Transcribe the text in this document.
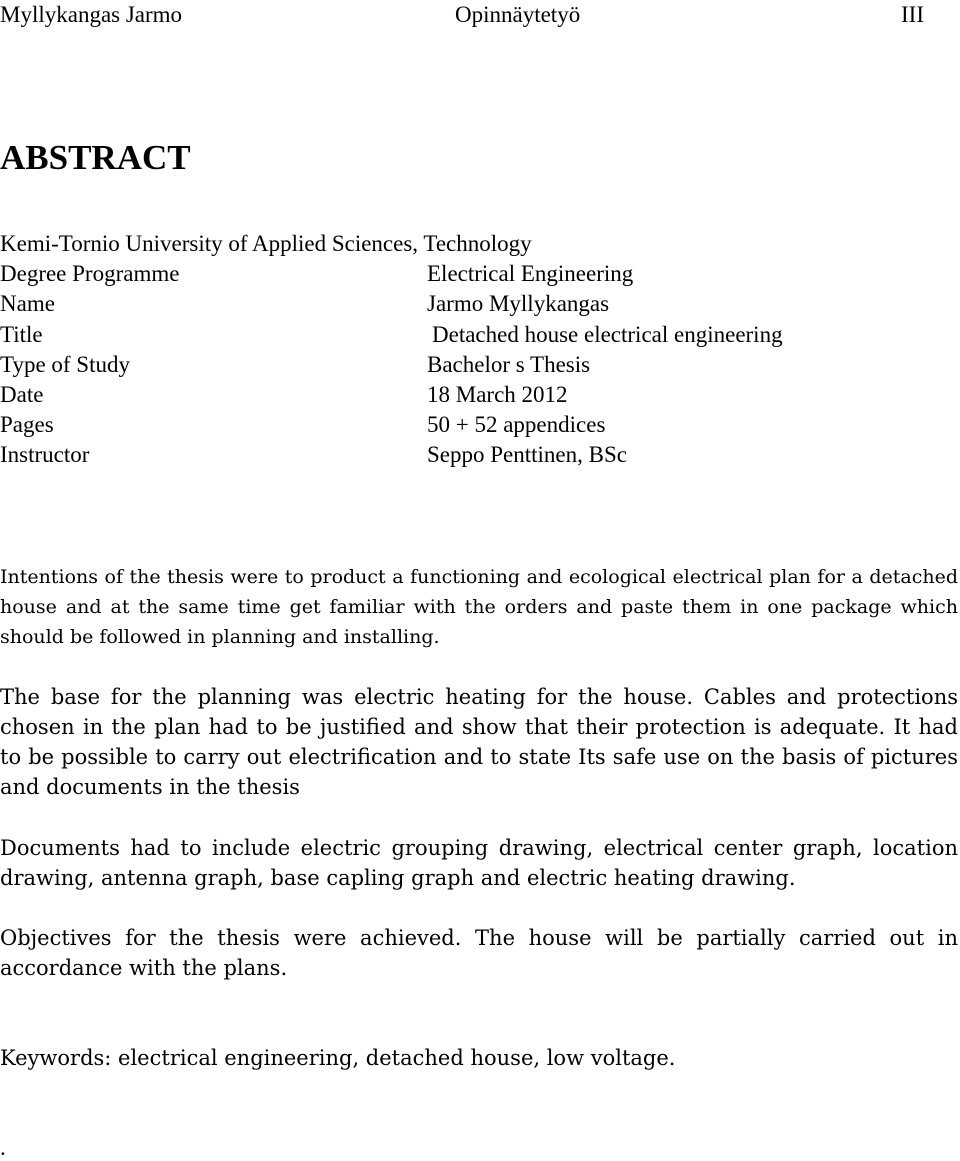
Myllykangas Jarmo	Opinnäytetyö	III
ABSTRACT
Kemi-Tornio University of Applied Sciences, Technology
Degree Programme	Electrical Engineering
Name	Jarmo Myllykangas
Title	Detached house electrical engineering
Type of Study	Bachelor s Thesis
Date	18 March 2012
Pages	50 + 52 appendices
Instructor	Seppo Penttinen, BSc

Intentions of the thesis were to product a functioning and ecological electrical plan for a detached house and at the same time get familiar with the orders and paste them in one package which should be followed in planning and installing.

The base for the planning was electric heating for the house. Cables and protections chosen in the plan had to be justified and show that their protection is adequate. It had to be possible to carry out electrification and to state Its safe use on the basis of pictures and documents in the thesis

Documents had to include electric grouping drawing, electrical center graph, location drawing, antenna graph, base capling graph and electric heating drawing.

Objectives for the thesis were achieved. The house will be partially carried out in accordance with the plans.

Keywords: electrical engineering, detached house, low voltage.

.
